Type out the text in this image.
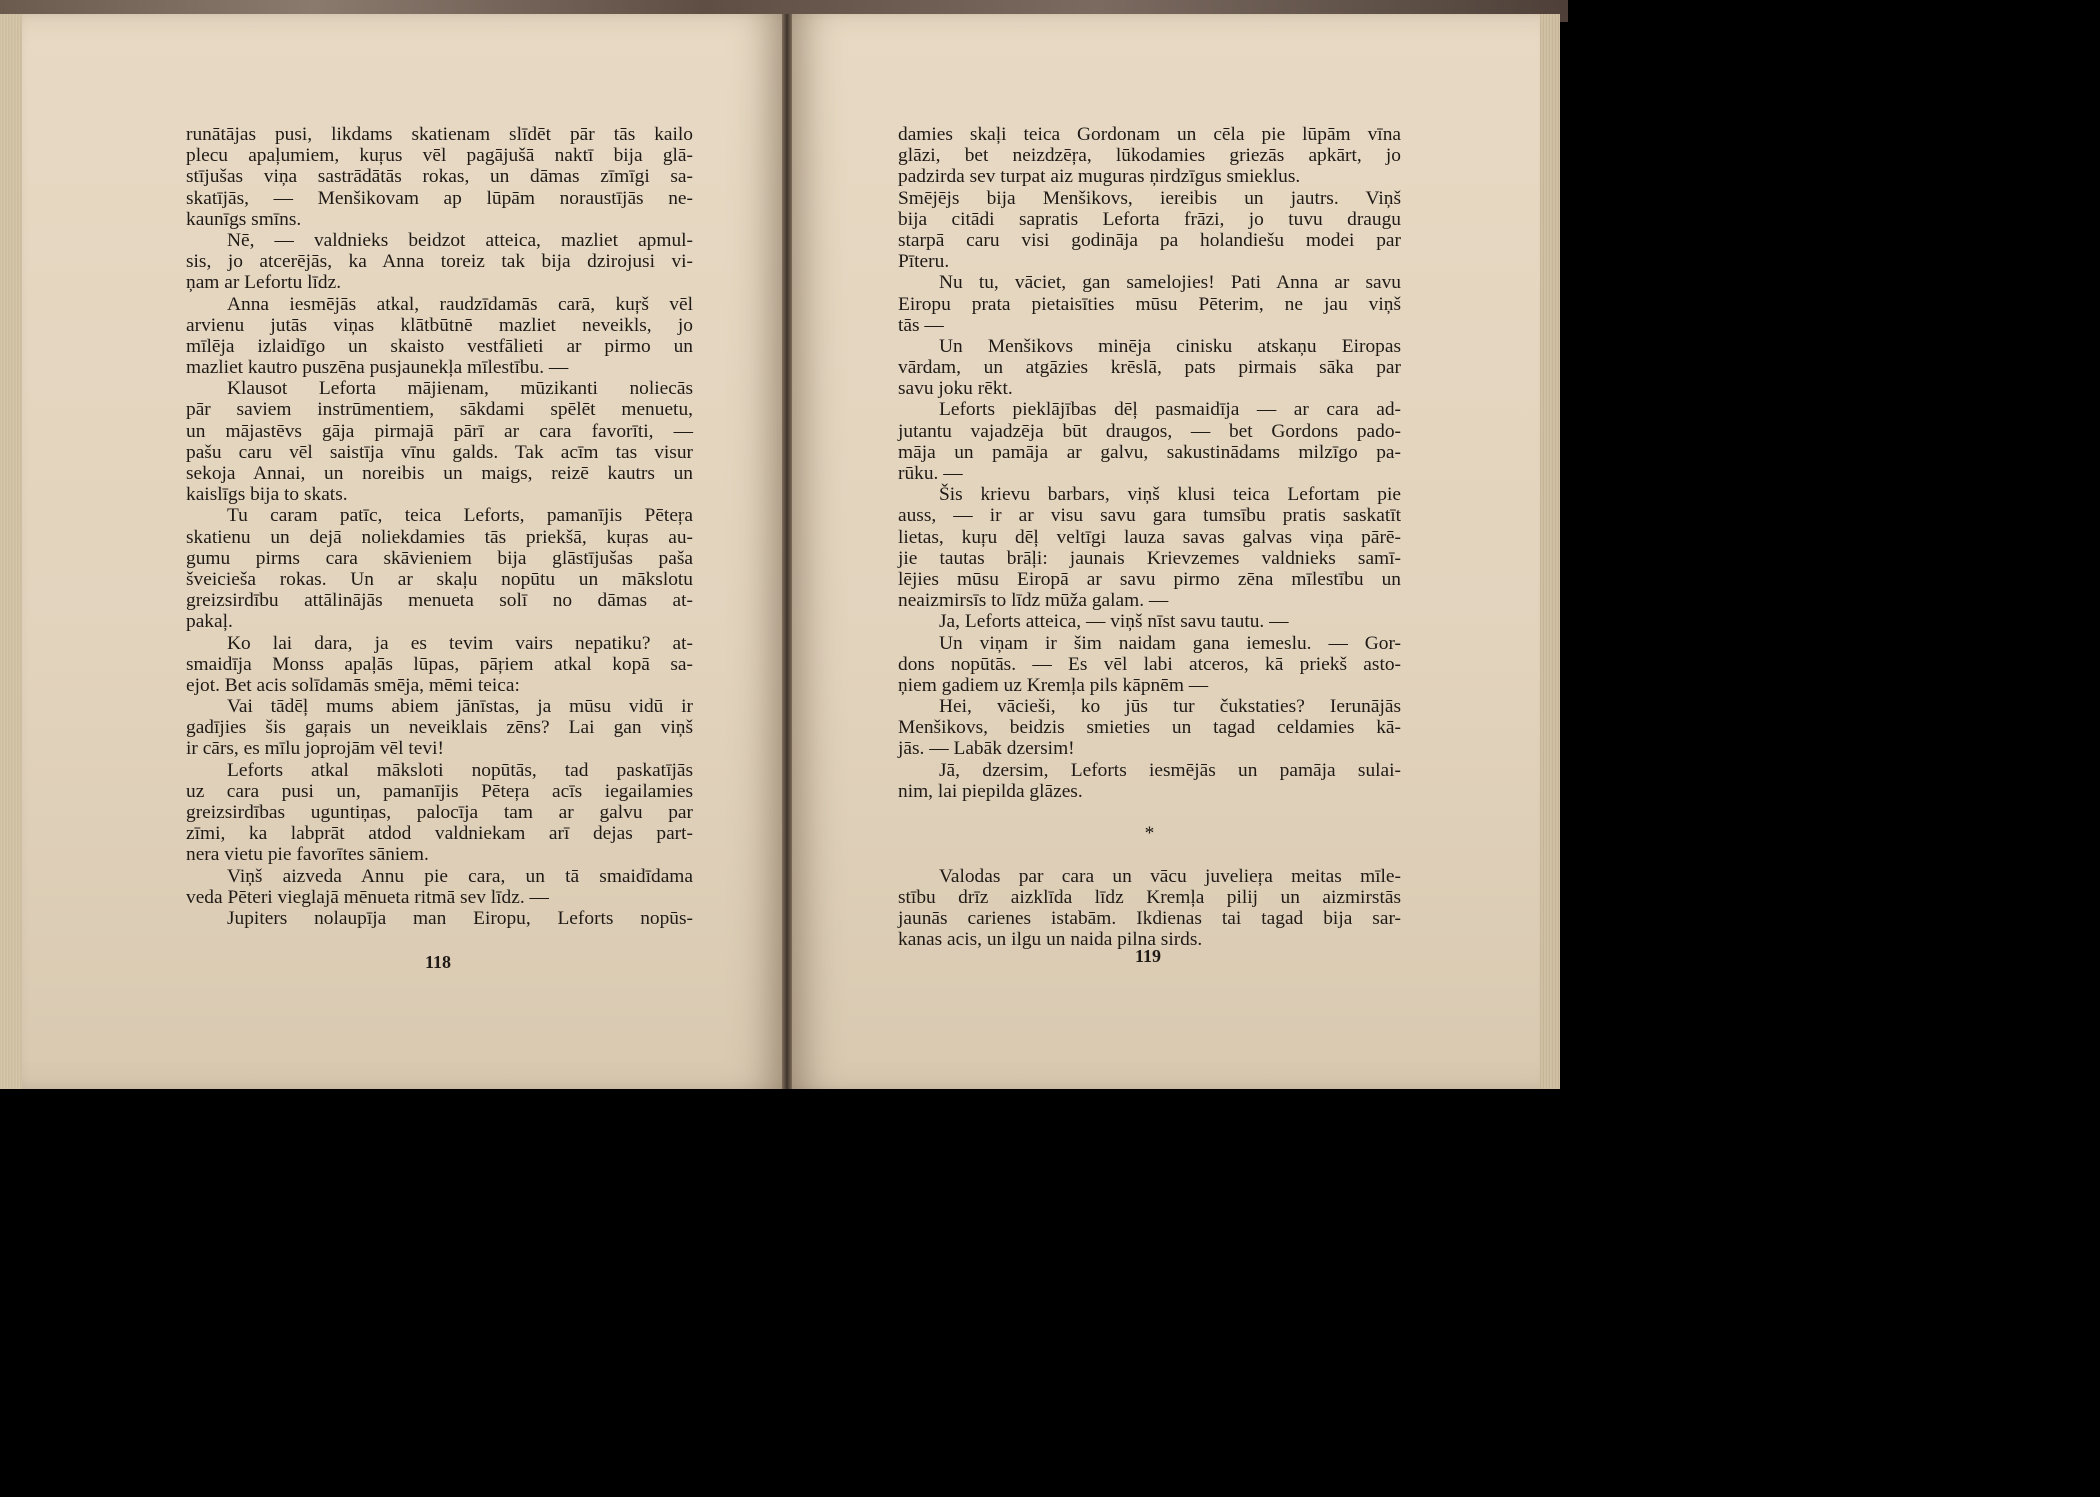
runātājas pusi, likdams skatienam slīdēt pār tās kailo
plecu apaļumiem, kuŗus vēl pagājušā naktī bija glā-
stījušas viņa sastrādātās rokas, un dāmas zīmīgi sa-
skatījās, — Menšikovam ap lūpām noraustījās ne-
kaunīgs smīns.
Nē, — valdnieks beidzot atteica, mazliet apmul-
sis, jo atcerējās, ka Anna toreiz tak bija dzirojusi vi-
ņam ar Lefortu līdz.
Anna iesmējās atkal, raudzīdamās carā, kuŗš vēl
arvienu jutās viņas klātbūtnē mazliet neveikls, jo
mīlēja izlaidīgo un skaisto vestfālieti ar pirmo un
mazliet kautro puszēna pusjaunekļa mīlestību. —
Klausot Leforta mājienam, mūzikanti noliecās
pār saviem instrūmentiem, sākdami spēlēt menuetu,
un mājastēvs gāja pirmajā pārī ar cara favorīti, —
pašu caru vēl saistīja vīnu galds. Tak acīm tas visur
sekoja Annai, un noreibis un maigs, reizē kautrs un
kaislīgs bija to skats.
Tu caram patīc, teica Leforts, pamanījis Pēteŗa
skatienu un dejā noliekdamies tās priekšā, kuŗas au-
gumu pirms cara skāvieniem bija glāstījušas paša
šveicieša rokas. Un ar skaļu nopūtu un mākslotu
greizsirdību attālinājās menueta solī no dāmas at-
pakaļ.
Ko lai dara, ja es tevim vairs nepatiku? at-
smaidīja Monss apaļās lūpas, pāŗiem atkal kopā sa-
ejot. Bet acis solīdamās smēja, mēmi teica:
Vai tādēļ mums abiem jānīstas, ja mūsu vidū ir
gadījies šis gaŗais un neveiklais zēns? Lai gan viņš
ir cārs, es mīlu joprojām vēl tevi!
Leforts atkal māksloti nopūtās, tad paskatījās
uz cara pusi un, pamanījis Pēteŗa acīs iegailamies
greizsirdības uguntiņas, palocīja tam ar galvu par
zīmi, ka labprāt atdod valdniekam arī dejas part-
nera vietu pie favorītes sāniem.
Viņš aizveda Annu pie cara, un tā smaidīdama
veda Pēteri vieglajā mēnueta ritmā sev līdz. —
Jupiters nolaupīja man Eiropu, Leforts nopūs-
118
damies skaļi teica Gordonam un cēla pie lūpām vīna
glāzi, bet neizdzēŗa, lūkodamies griezās apkārt, jo
padzirda sev turpat aiz muguras ņirdzīgus smieklus.
Smējējs bija Menšikovs, iereibis un jautrs. Viņš
bija citādi sapratis Leforta frāzi, jo tuvu draugu
starpā caru visi godināja pa holandiešu modei par
Pīteru.
Nu tu, vāciet, gan samelojies! Pati Anna ar savu
Eiropu prata pietaisīties mūsu Pēterim, ne jau viņš
tās —
Un Menšikovs minēja cinisku atskaņu Eiropas
vārdam, un atgāzies krēslā, pats pirmais sāka par
savu joku rēkt.
Leforts pieklājības dēļ pasmaidīja — ar cara ad-
jutantu vajadzēja būt draugos, — bet Gordons pado-
māja un pamāja ar galvu, sakustinādams milzīgo pa-
rūku. —
Šis krievu barbars, viņš klusi teica Lefortam pie
auss, — ir ar visu savu gara tumsību pratis saskatīt
lietas, kuŗu dēļ veltīgi lauza savas galvas viņa pārē-
jie tautas brāļi: jaunais Krievzemes valdnieks samī-
lējies mūsu Eiropā ar savu pirmo zēna mīlestību un
neaizmirsīs to līdz mūža galam. —
Ja, Leforts atteica, — viņš nīst savu tautu. —
Un viņam ir šim naidam gana iemeslu. — Gor-
dons nopūtās. — Es vēl labi atceros, kā priekš asto-
ņiem gadiem uz Kremļa pils kāpnēm —
Hei, vācieši, ko jūs tur čukstaties? Ierunājās
Menšikovs, beidzis smieties un tagad celdamies kā-
jās. — Labāk dzersim!
Jā, dzersim, Leforts iesmējās un pamāja sulai-
nim, lai piepilda glāzes.
*
Valodas par cara un vācu juvelieŗa meitas mīle-
stību drīz aizklīda līdz Kremļa pilij un aizmirstās
jaunās carienes istabām. Ikdienas tai tagad bija sar-
kanas acis, un ilgu un naida pilna sirds.
119
